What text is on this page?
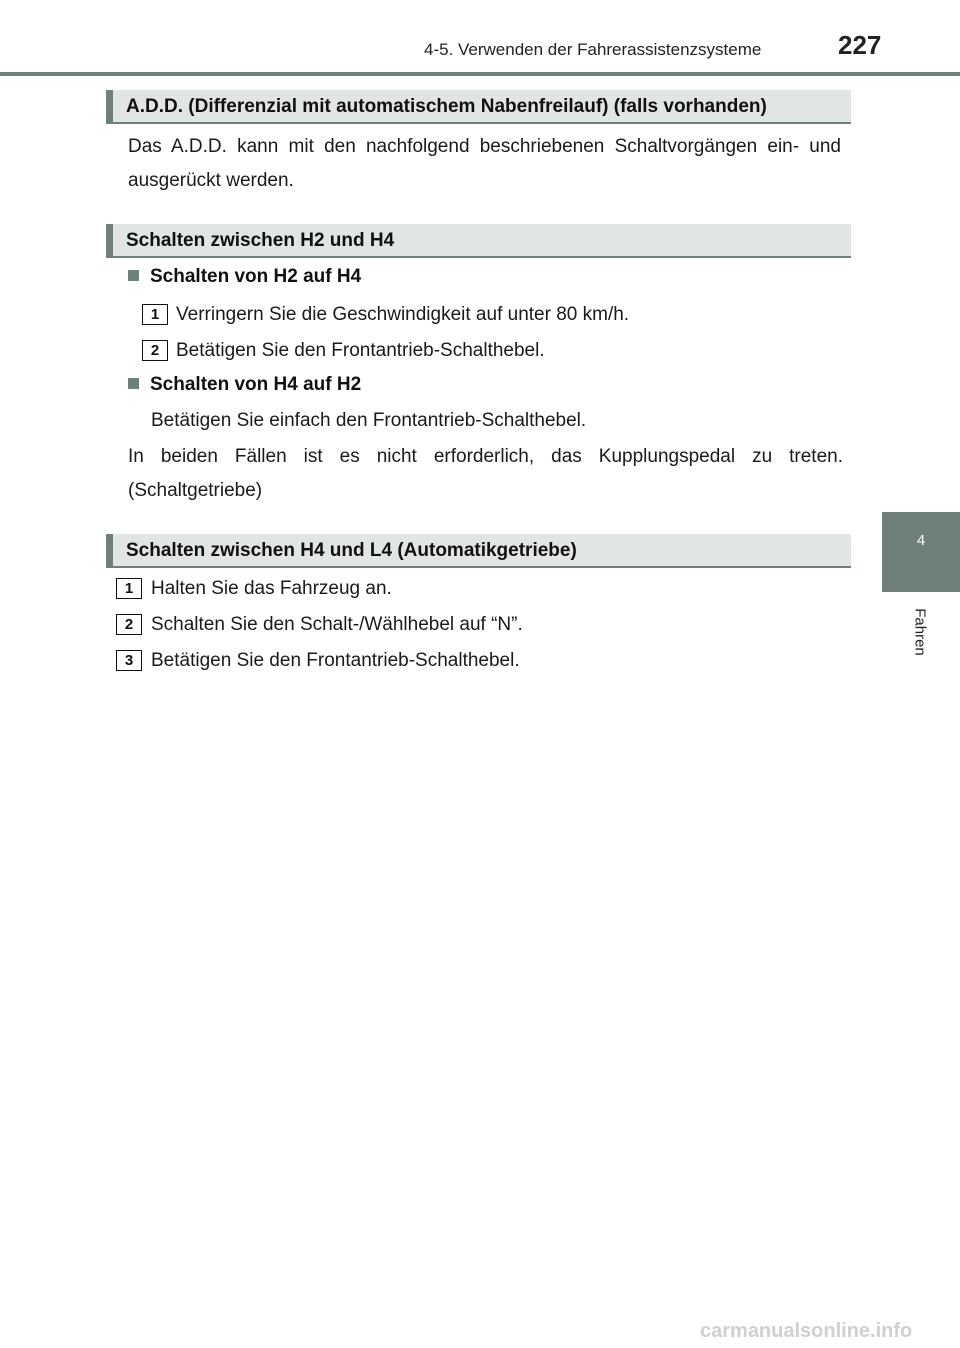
4-5. Verwenden der Fahrerassistenzsysteme	227
4
Fahren
A.D.D. (Differenzial mit automatischem Nabenfreilauf) (falls vorhanden)
Das A.D.D. kann mit den nachfolgend beschriebenen Schaltvorgängen ein- und ausgerückt werden.
Schalten zwischen H2 und H4
Schalten von H2 auf H4
1 Verringern Sie die Geschwindigkeit auf unter 80 km/h.
2 Betätigen Sie den Frontantrieb-Schalthebel.
Schalten von H4 auf H2
Betätigen Sie einfach den Frontantrieb-Schalthebel.
In beiden Fällen ist es nicht erforderlich, das Kupplungspedal zu treten. (Schaltgetriebe)
Schalten zwischen H4 und L4 (Automatikgetriebe)
1 Halten Sie das Fahrzeug an.
2 Schalten Sie den Schalt-/Wählhebel auf “N”.
3 Betätigen Sie den Frontantrieb-Schalthebel.
carmanualsonline.info
